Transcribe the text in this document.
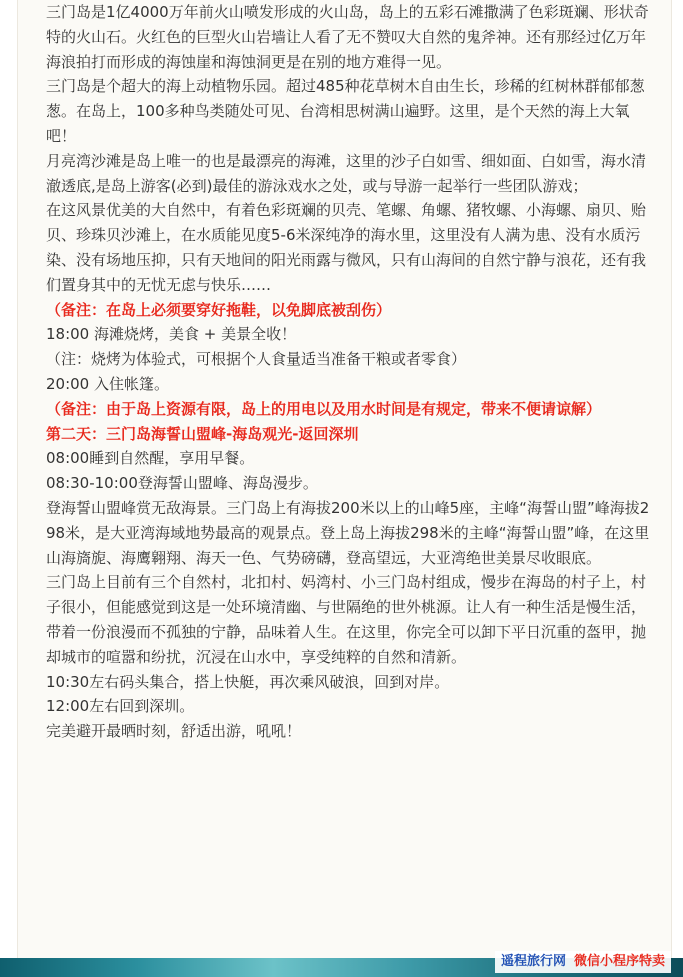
三门岛是1亿4000万年前火山喷发形成的火山岛，岛上的五彩石滩撒满了色彩斑斓、形状奇特的火山石。火红色的巨型火山岩墙让人看了无不赞叹大自然的鬼斧神。还有那经过亿万年海浪拍打而形成的海蚀崖和海蚀洞更是在别的地方难得一见。

三门岛是个超大的海上动植物乐园。超过485种花草树木自由生长，珍稀的红树林群郁郁葱葱。在岛上，100多种鸟类随处可见、台湾相思树满山遍野。这里，是个天然的海上大氧吧！

月亮湾沙滩是岛上唯一的也是最漂亮的海滩，这里的沙子白如雪、细如面、白如雪，海水清澈透底,是岛上游客(必到)最佳的游泳戏水之处，或与导游一起举行一些团队游戏；

在这风景优美的大自然中，有着色彩斑斓的贝壳、笔螺、角螺、猪牧螺、小海螺、扇贝、贻贝、珍珠贝沙滩上，在水质能见度5-6米深纯净的海水里，这里没有人满为患、没有水质污染、没有场地压抑，只有天地间的阳光雨露与微风，只有山海间的自然宁静与浪花，还有我们置身其中的无忧无虑与快乐……

（备注：在岛上必须要穿好拖鞋，以免脚底被刮伤）

18:00 海滩烧烤，美食 + 美景全收！

（注：烧烤为体验式，可根据个人食量适当准备干粮或者零食）

20:00 入住帐篷。

（备注：由于岛上资源有限，岛上的用电以及用水时间是有规定，带来不便请谅解）

第二天：三门岛海誓山盟峰-海岛观光-返回深圳

08:00睡到自然醒，享用早餐。

08:30-10:00登海誓山盟峰、海岛漫步。

登海誓山盟峰赏无敌海景。三门岛上有海拔200米以上的山峰5座，主峰“海誓山盟”峰海拔298米，是大亚湾海域地势最高的观景点。登上岛上海拔298米的主峰“海誓山盟”峰，在这里山海旖旎、海鹰翱翔、海天一色、气势磅礴，登高望远，大亚湾绝世美景尽收眼底。

三门岛上目前有三个自然村，北扣村、妈湾村、小三门岛村组成，慢步在海岛的村子上，村子很小，但能感觉到这是一处环境清幽、与世隔绝的世外桃源。让人有一种生活是慢生活，带着一份浪漫而不孤独的宁静，品味着人生。在这里，你完全可以卸下平日沉重的盔甲，抛却城市的喧嚣和纷扰，沉浸在山水中，享受纯粹的自然和清新。

10:30左右码头集合，搭上快艇，再次乘风破浪，回到对岸。

12:00左右回到深圳。

完美避开最晒时刻，舒适出游，吼吼！

遥程旅行网 微信小程序特卖
